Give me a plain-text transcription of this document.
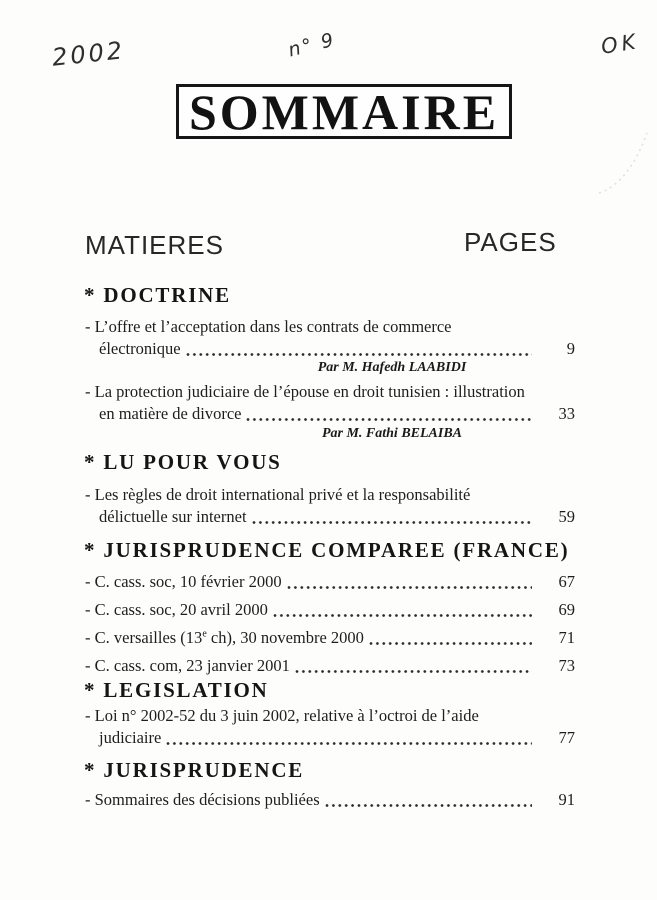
2002	n° 9	OK
SOMMAIRE
MATIERES	PAGES
* DOCTRINE
- L’offre et l’acceptation dans les contrats de commerce
électronique	9
Par M. Hafedh LAABIDI
- La protection judiciaire de l’épouse en droit tunisien : illustration
en matière de divorce	33
Par M. Fathi BELAIBA
* LU POUR VOUS
- Les règles de droit international privé et la responsabilité
délictuelle sur internet	59
* JURISPRUDENCE COMPAREE (FRANCE)
- C. cass. soc, 10 février 2000	67
- C. cass. soc, 20 avril 2000	69
- C. versailles (13e ch), 30 novembre 2000	71
- C. cass. com, 23 janvier 2001	73
* LEGISLATION
- Loi n° 2002-52 du 3 juin 2002, relative à l’octroi de l’aide
judiciaire	77
* JURISPRUDENCE
- Sommaires des décisions publiées	91
